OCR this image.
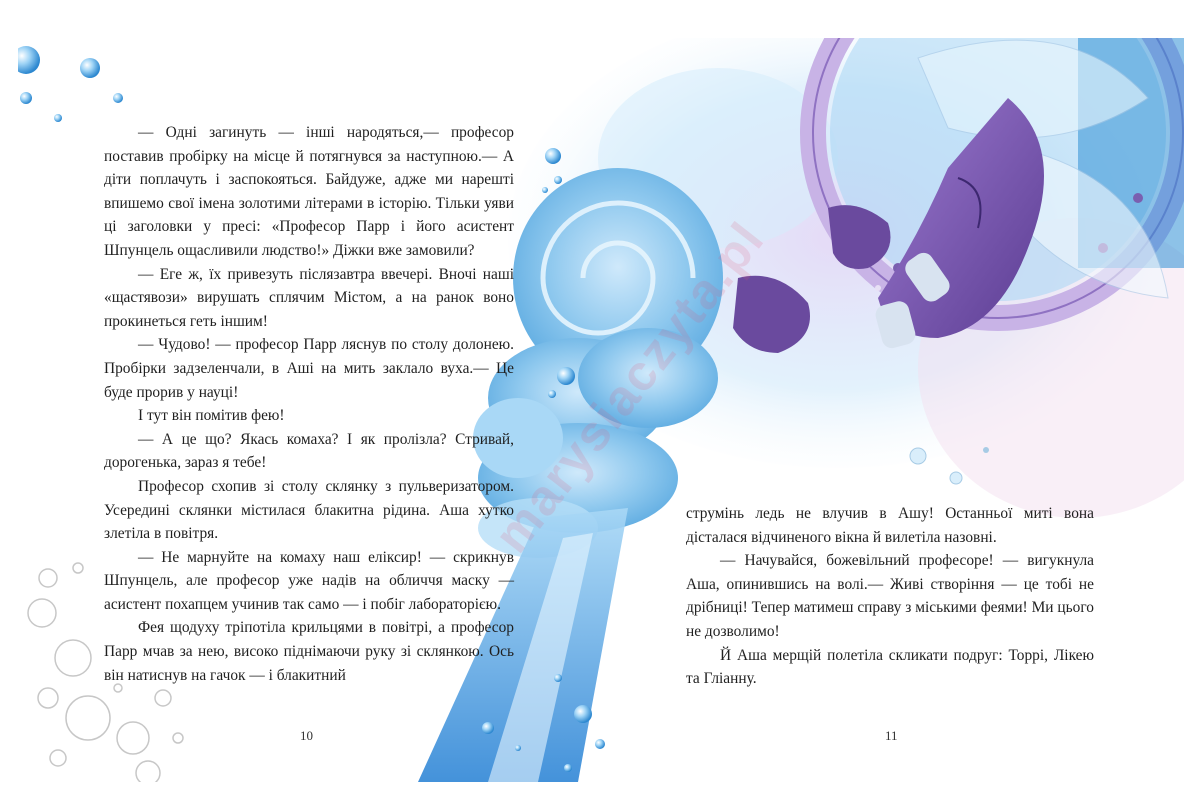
— Одні загинуть — інші народяться,— професор поставив пробірку на місце й потягнувся за наступною.— А діти поплачуть і заспокояться. Байдуже, адже ми нарешті впишемо свої імена золотими літерами в історію. Тільки уяви ці заголовки у пресі: «Професор Парр і його асистент Шпунцель ощасливили людство!» Діжки вже замовили?

— Еге ж, їх привезуть післязавтра ввечері. Вночі наші «щастявози» вирушать сплячим Містом, а на ранок воно прокинеться геть іншим!

— Чудово! — професор Парр ляснув по столу долонею. Пробірки задзеленчали, в Аші на мить заклало вуха.— Це буде прорив у науці!

І тут він помітив фею!

— А це що? Якась комаха? І як пролізла? Стривай, дорогенька, зараз я тебе!

Професор схопив зі столу склянку з пульверизатором. Усередині склянки містилася блакитна рідина. Аша хутко злетіла в повітря.

— Не марнуйте на комаху наш еліксир! — скрикнув Шпунцель, але професор уже надів на обличчя маску — асистент похапцем учинив так само — і побіг лабораторією.

Фея щодуху тріпотіла крильцями в повітрі, а професор Парр мчав за нею, високо піднімаючи руку зі склянкою. Ось він натиснув на гачок — і блакитний

струмінь ледь не влучив в Ашу! Останньої миті вона дісталася відчиненого вікна й вилетіла назовні.

— Начувайся, божевільний професоре! — вигукнула Аша, опинившись на волі.— Живі створіння — це тобі не дрібниці! Тепер матимеш справу з міськими феями! Ми цього не дозволимо!

Й Аша мерщій полетіла скликати подруг: Торрі, Лікею та Гліанну.

10	11
